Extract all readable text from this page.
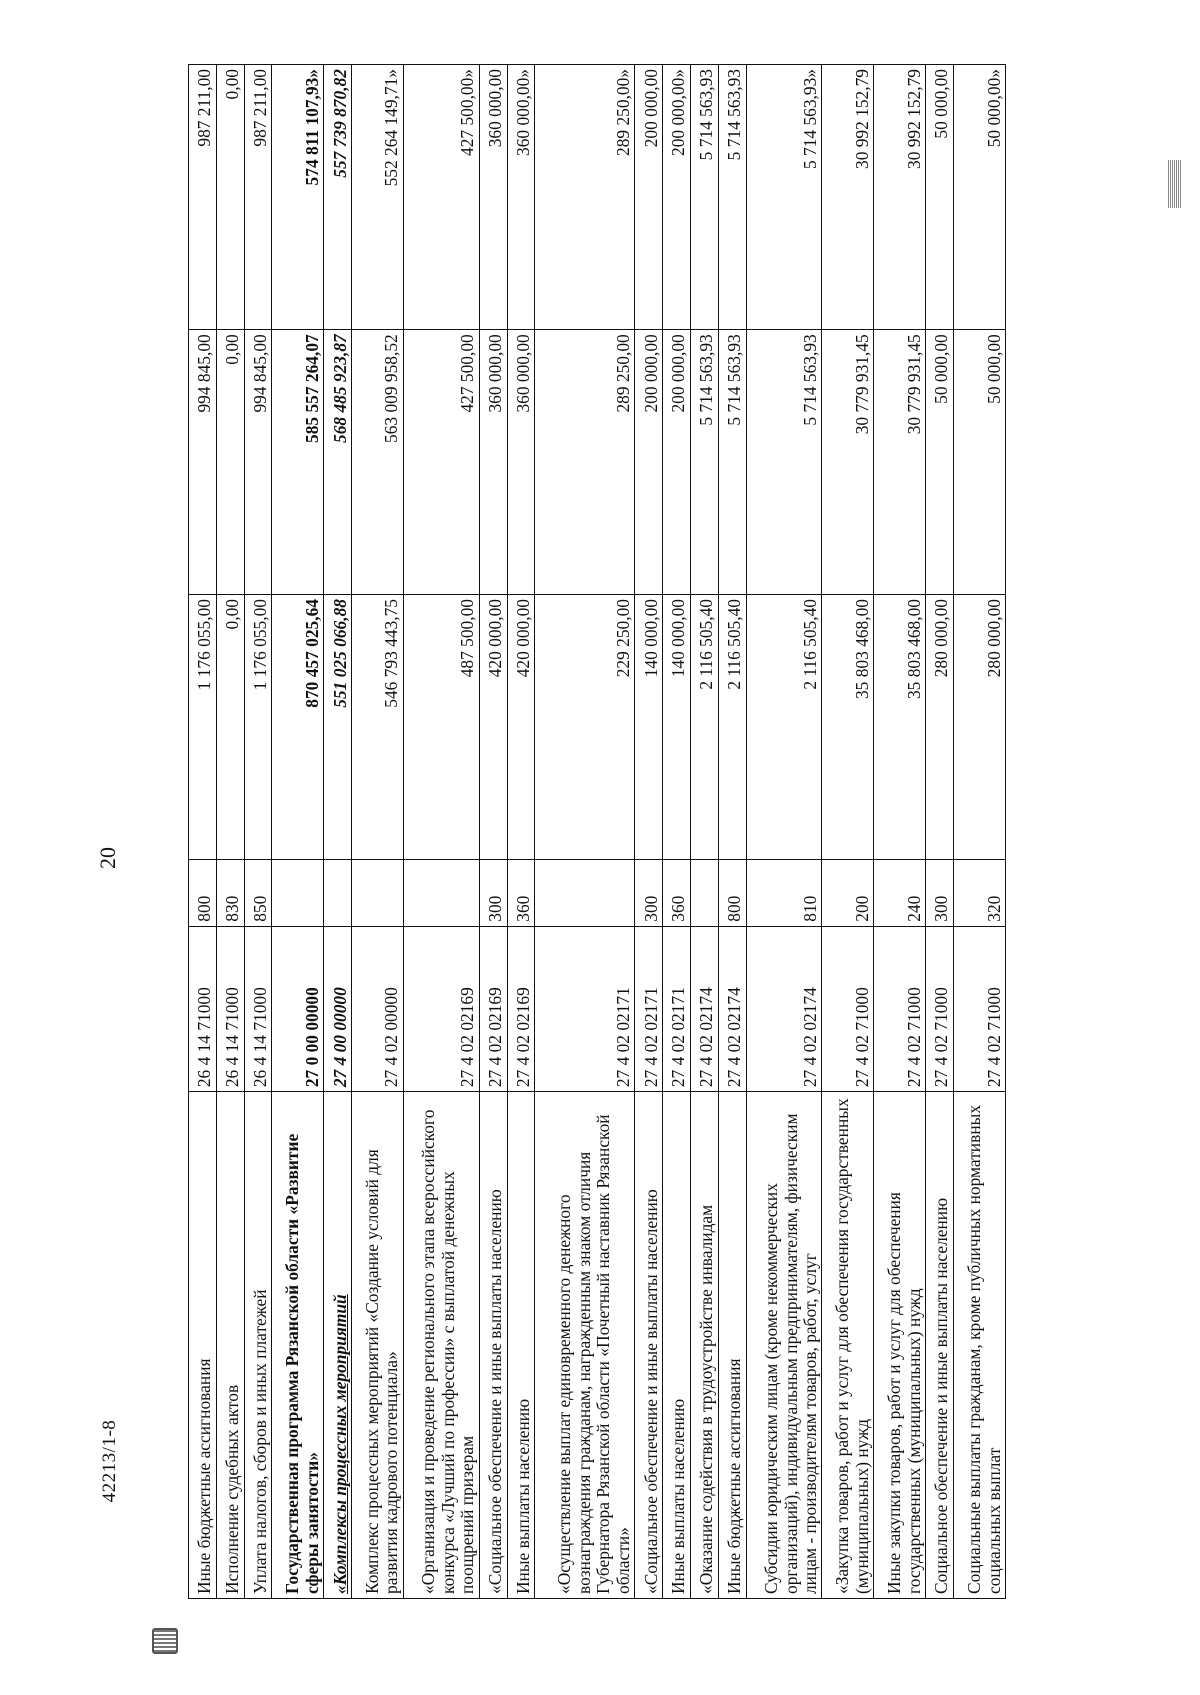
20
42213/1-8	Иные бюджетные ассигнования	26 4 14 71000	800	1 176 055,00	994 845,00	987 211,00
Исполнение судебных актов	26 4 14 71000	830	0,00	0,00	0,00
Уплата налогов, сборов и иных платежей	26 4 14 71000	850	1 176 055,00	994 845,00	987 211,00
Государственная программа Рязанской области «Развитие сферы занятости»	27 0 00 00000		870 457 025,64	585 557 264,07	574 811 107,93»
«Комплексы процессных мероприятий	27 4 00 00000		551 025 066,88	568 485 923,87	557 739 870,82
Комплекс процессных мероприятий «Создание условий для развития кадрового потенциала»	27 4 02 00000		546 793 443,75	563 009 958,52	552 264 149,71»
«Организация и проведение регионального этапа всероссийского конкурса «Лучший по профессии» с выплатой денежных поощрений призерам	27 4 02 02169		487 500,00	427 500,00	427 500,00»
«Социальное обеспечение и иные выплаты населению	27 4 02 02169	300	420 000,00	360 000,00	360 000,00
Иные выплаты населению	27 4 02 02169	360	420 000,00	360 000,00	360 000,00»
«Осуществление выплат единовременного денежного вознаграждения гражданам, награжденным знаком отличия Губернатора Рязанской области «Почетный наставник Рязанской области»	27 4 02 02171		229 250,00	289 250,00	289 250,00»
«Социальное обеспечение и иные выплаты населению	27 4 02 02171	300	140 000,00	200 000,00	200 000,00
Иные выплаты населению	27 4 02 02171	360	140 000,00	200 000,00	200 000,00»
«Оказание содействия в трудоустройстве инвалидам	27 4 02 02174		2 116 505,40	5 714 563,93	5 714 563,93
Иные бюджетные ассигнования	27 4 02 02174	800	2 116 505,40	5 714 563,93	5 714 563,93
Субсидии юридическим лицам (кроме некоммерческих организаций), индивидуальным предпринимателям, физическим лицам - производителям товаров, работ, услуг	27 4 02 02174	810	2 116 505,40	5 714 563,93	5 714 563,93»
«Закупка товаров, работ и услуг для обеспечения государственных (муниципальных) нужд	27 4 02 71000	200	35 803 468,00	30 779 931,45	30 992 152,79
Иные закупки товаров, работ и услуг для обеспечения государственных (муниципальных) нужд	27 4 02 71000	240	35 803 468,00	30 779 931,45	30 992 152,79
Социальное обеспечение и иные выплаты населению	27 4 02 71000	300	280 000,00	50 000,00	50 000,00
Социальные выплаты гражданам, кроме публичных нормативных социальных выплат	27 4 02 71000	320	280 000,00	50 000,00	50 000,00»
